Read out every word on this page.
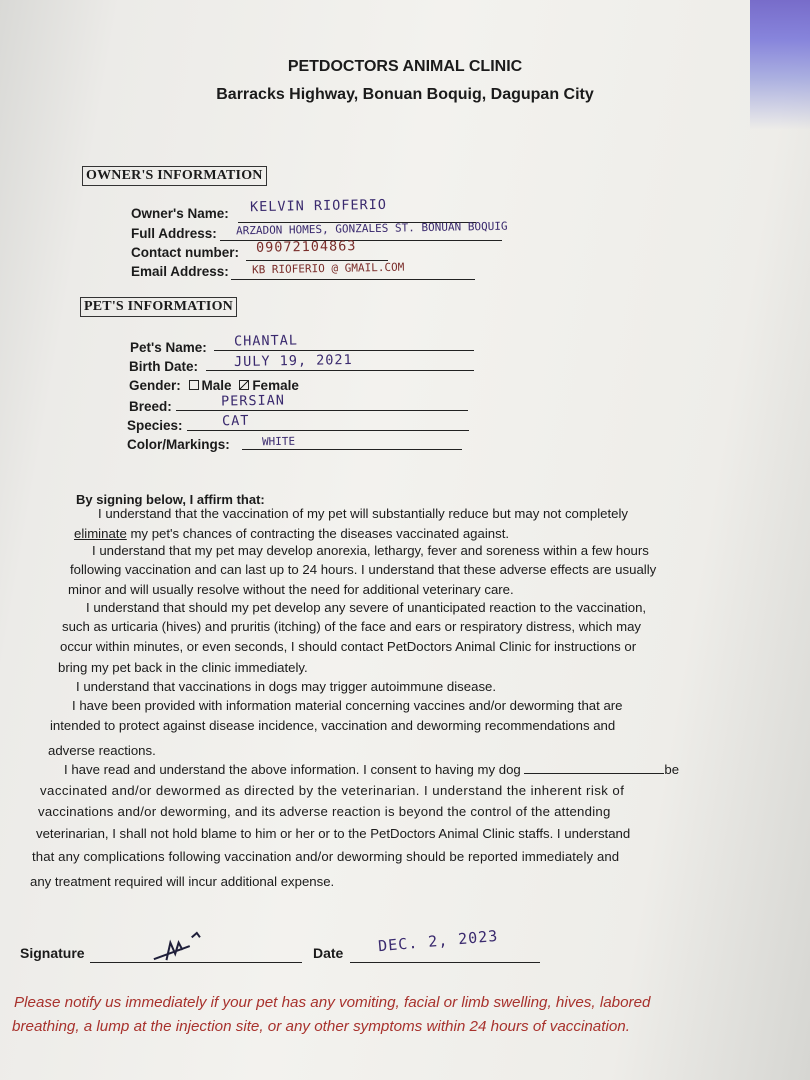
PETDOCTORS ANIMAL CLINIC
Barracks Highway, Bonuan Boquig, Dagupan City
OWNER'S INFORMATION
Owner's Name: KELVIN RIOFERIO
Full Address: ARZADON HOMES, GONZALES ST. BONUAN BOQUIG
Contact number: 09072104863
Email Address: KB RIOFERIO @ GMAIL.COM
PET'S INFORMATION
Pet's Name: CHANTAL
Birth Date:	JULY 19, 2021
Gender: Male Female
Breed:	PERSIAN
Species:	CAT
Color/Markings:	WHITE
By signing below, I affirm that:
I understand that the vaccination of my pet will substantially reduce but may not completely
eliminate my pet's chances of contracting the diseases vaccinated against.
I understand that my pet may develop anorexia, lethargy, fever and soreness within a few hours
following vaccination and can last up to 24 hours. I understand that these adverse effects are usually
minor and will usually resolve without the need for additional veterinary care.
I understand that should my pet develop any severe of unanticipated reaction to the vaccination,
such as urticaria (hives) and pruritis (itching) of the face and ears or respiratory distress, which may
occur within minutes, or even seconds, I should contact PetDoctors Animal Clinic for instructions or
bring my pet back in the clinic immediately.
I understand that vaccinations in dogs may trigger autoimmune disease.
I have been provided with information material concerning vaccines and/or deworming that are
intended to protect against disease incidence, vaccination and deworming recommendations and
adverse reactions.
I have read and understand the above information. I consent to having my dog	be
vaccinated and/or dewormed as directed by the veterinarian. I understand the inherent risk of
vaccinations and/or deworming, and its adverse reaction is beyond the control of the attending
veterinarian, I shall not hold blame to him or her or to the PetDoctors Animal Clinic staffs. I understand
that any complications following vaccination and/or deworming should be reported immediately and
any treatment required will incur additional expense.
Signature	Date DEC. 2, 2023
Please notify us immediately if your pet has any vomiting, facial or limb swelling, hives, labored
breathing, a lump at the injection site, or any other symptoms within 24 hours of vaccination.
